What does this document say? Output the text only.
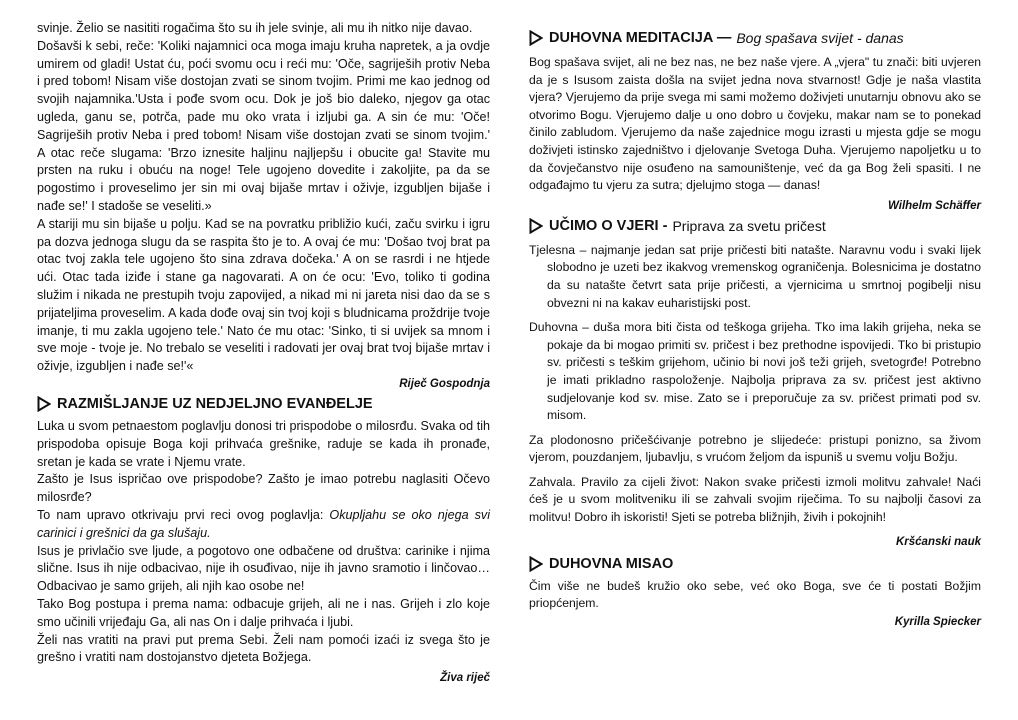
svinje. Želio se nasititi rogačima što su ih jele svinje, ali mu ih nitko nije davao.

Došavši k sebi, reče: 'Koliki najamnici oca moga imaju kruha napretek, a ja ovdje umirem od gladi! Ustat ću, poći svomu ocu i reći mu: 'Oče, sagriješih protiv Neba i pred tobom! Nisam više dostojan zvati se sinom tvojim. Primi me kao jednog od svojih najamnika.'Usta i pođe svom ocu. Dok je još bio daleko, njegov ga otac ugleda, ganu se, potrča, pade mu oko vrata i izljubi ga. A sin će mu: 'Oče! Sagriješih protiv Neba i pred tobom! Nisam više dostojan zvati se sinom tvojim.' A otac reče slugama: 'Brzo iznesite haljinu najljepšu i obucite ga! Stavite mu prsten na ruku i obuću na noge! Tele ugojeno dovedite i zakoljite, pa da se pogostimo i proveselimo jer sin mi ovaj bijaše mrtav i oživje, izgubljen bijaše i nađe se!' I stadoše se veseliti.»

A stariji mu sin bijaše u polju. Kad se na povratku približio kući, začu svirku i igru pa dozva jednoga slugu da se raspita što je to. A ovaj će mu: 'Došao tvoj brat pa otac tvoj zakla tele ugojeno što sina zdrava dočeka.' A on se rasrdi i ne htjede ući. Otac tada iziđe i stane ga nagovarati. A on će ocu: 'Evo, toliko ti godina služim i nikada ne prestupih tvoju zapovijed, a nikad mi ni jareta nisi dao da se s prijateljima proveselim. A kada dođe ovaj sin tvoj koji s bludnicama proždrije tvoje imanje, ti mu zakla ugojeno tele.' Nato će mu otac: 'Sinko, ti si uvijek sa mnom i sve moje - tvoje je. No trebalo se veseliti i radovati jer ovaj brat tvoj bijaše mrtav i oživje, izgubljen i nađe se!'«

Riječ Gospodnja
RAZMIŠLJANJE UZ NEDJELJNO EVANĐELJE

Luka u svom petnaestom poglavlju donosi tri prispodobe o milosrđu. Svaka od tih prispodoba opisuje Boga koji prihvaća grešnike, raduje se kada ih pronađe, sretan je kada se vrate i Njemu vrate.

Zašto je Isus ispričao ove prispodobe? Zašto je imao potrebu naglasiti Očevo milosrđe?

To nam upravo otkrivaju prvi reci ovog poglavlja: Okupljahu se oko njega svi carinici i grešnici da ga slušaju.

Isus je privlačio sve ljude, a pogotovo one odbačene od društva: carinike i njima slične. Isus ih nije odbacivao, nije ih osuđivao, nije ih javno sramotio i linčovao… Odbacivao je samo grijeh, ali njih kao osobe ne!

Tako Bog postupa i prema nama: odbacuje grijeh, ali ne i nas. Grijeh i zlo koje smo učinili vrijeđaju Ga, ali nas On i dalje prihvaća i ljubi.

Želi nas vratiti na pravi put prema Sebi. Želi nam pomoći izaći iz svega što je grešno i vratiti nam dostojanstvo djeteta Božjega.

Živa riječ
DUHOVNA MEDITACIJA — Bog spašava svijet - danas

Bog spašava svijet, ali ne bez nas, ne bez naše vjere. A „vjera" tu znači: biti uvjeren da je s Isusom zaista došla na svijet jedna nova stvarnost! Gdje je naša vlastita vjera? Vjerujemo da prije svega mi sami možemo doživjeti unutarnju obnovu ako se otvorimo Bogu. Vjerujemo dalje u ono dobro u čovjeku, makar nam se to ponekad činilo zabludom. Vjerujemo da naše zajednice mogu izrasti u mjesta gdje se mogu doživjeti istinsko zajedništvo i djelovanje Svetoga Duha. Vjerujemo napoljetku u to da čovječanstvo nije osuđeno na samouništenje, već da ga Bog želi spasiti. I ne odgađajmo tu vjeru za sutra; djelujmo stoga — danas!

Wilhelm Schäffer
UČIMO O VJERI - Priprava za svetu pričest

Tjelesna – najmanje jedan sat prije pričesti biti natašte. Naravnu vodu i svaki lijek slobodno je uzeti bez ikakvog vremenskog ograničenja. Bolesnicima je dostatno da su natašte četvrt sata prije pričesti, a vjernicima u smrtnoj pogibelji nisu obvezni ni na kakav euharistijski post.

Duhovna – duša mora biti čista od teškoga grijeha. Tko ima lakih grijeha, neka se pokaje da bi mogao primiti sv. pričest i bez prethodne ispovijedi. Tko bi pristupio sv. pričesti s teškim grijehom, učinio bi novi još teži grijeh, svetogrđe! Potrebno je imati prikladno raspoloženje. Najbolja priprava za sv. pričest jest aktivno sudjelovanje kod sv. mise. Zato se i preporučuje za sv. pričest primati pod sv. misom.

Za plodonosno pričešćivanje potrebno je slijedeće: pristupi ponizno, sa živom vjerom, pouzdanjem, ljubavlju, s vrućom željom da ispuniš u svemu volju Božju.

Zahvala. Pravilo za cijeli život: Nakon svake pričesti izmoli molitvu zahvale! Naći ćeš je u svom molitveniku ili se zahvali svojim riječima. To su najbolji časovi za molitvu! Dobro ih iskoristi! Sjeti se potreba bližnjih, živih i pokojnih!

Kršćanski nauk
DUHOVNA MISAO

Čim više ne budeš kružio oko sebe, već oko Boga, sve će ti postati Božjim priopćenjem.

Kyrilla Spiecker
